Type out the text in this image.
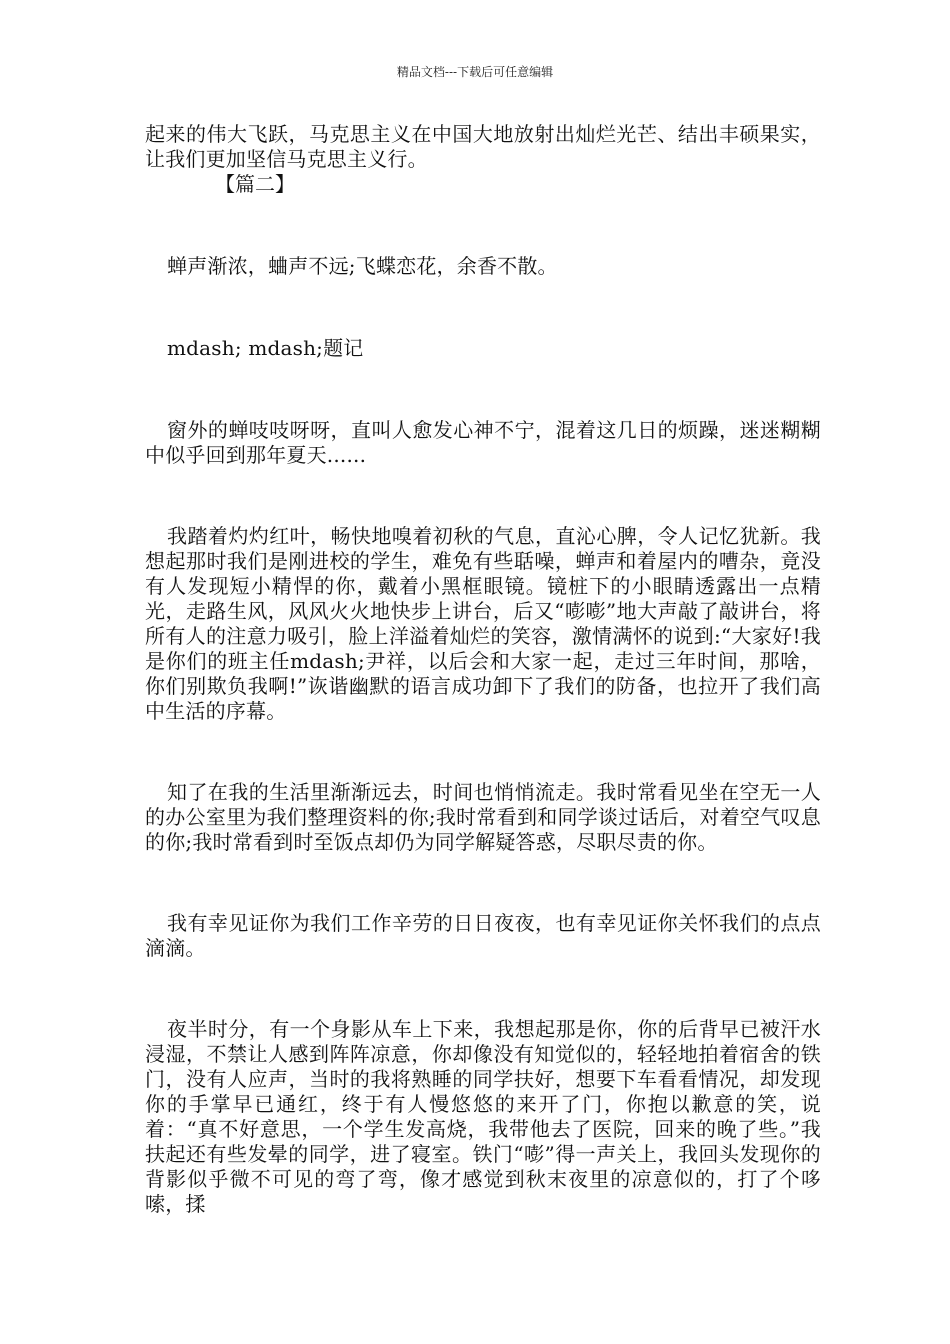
精品文档---下载后可任意编辑

起来的伟大飞跃，马克思主义在中国大地放射出灿烂光芒、结出丰硕果实，让我们更加坚信马克思主义行。

【篇二】

蝉声渐浓，蛐声不远;飞蝶恋花，余香不散。

mdash; mdash;题记

窗外的蝉吱吱呀呀，直叫人愈发心神不宁，混着这几日的烦躁，迷迷糊糊中似乎回到那年夏天......

我踏着灼灼红叶，畅快地嗅着初秋的气息，直沁心脾，令人记忆犹新。我想起那时我们是刚进校的学生，难免有些聒噪，蝉声和着屋内的嘈杂，竟没有人发现短小精悍的你，戴着小黑框眼镜。镜桩下的小眼睛透露出一点精光，走路生风，风风火火地快步上讲台，后又“嘭嘭”地大声敲了敲讲台，将所有人的注意力吸引，脸上洋溢着灿烂的笑容，激情满怀的说到:“大家好!我是你们的班主任mdash;尹祥，以后会和大家一起，走过三年时间，那啥，你们别欺负我啊!”诙谐幽默的语言成功卸下了我们的防备，也拉开了我们高中生活的序幕。

知了在我的生活里渐渐远去，时间也悄悄流走。我时常看见坐在空无一人的办公室里为我们整理资料的你;我时常看到和同学谈过话后，对着空气叹息的你;我时常看到时至饭点却仍为同学解疑答惑，尽职尽责的你。

我有幸见证你为我们工作辛劳的日日夜夜，也有幸见证你关怀我们的点点滴滴。

夜半时分，有一个身影从车上下来，我想起那是你，你的后背早已被汗水浸湿，不禁让人感到阵阵凉意，你却像没有知觉似的，轻轻地拍着宿舍的铁门，没有人应声，当时的我将熟睡的同学扶好，想要下车看看情况，却发现你的手掌早已通红，终于有人慢悠悠的来开了门，你抱以歉意的笑，说着：“真不好意思，一个学生发高烧，我带他去了医院，回来的晚了些。”我扶起还有些发晕的同学，进了寝室。铁门“嘭”得一声关上，我回头发现你的背影似乎微不可见的弯了弯，像才感觉到秋末夜里的凉意似的，打了个哆嗦，揉
